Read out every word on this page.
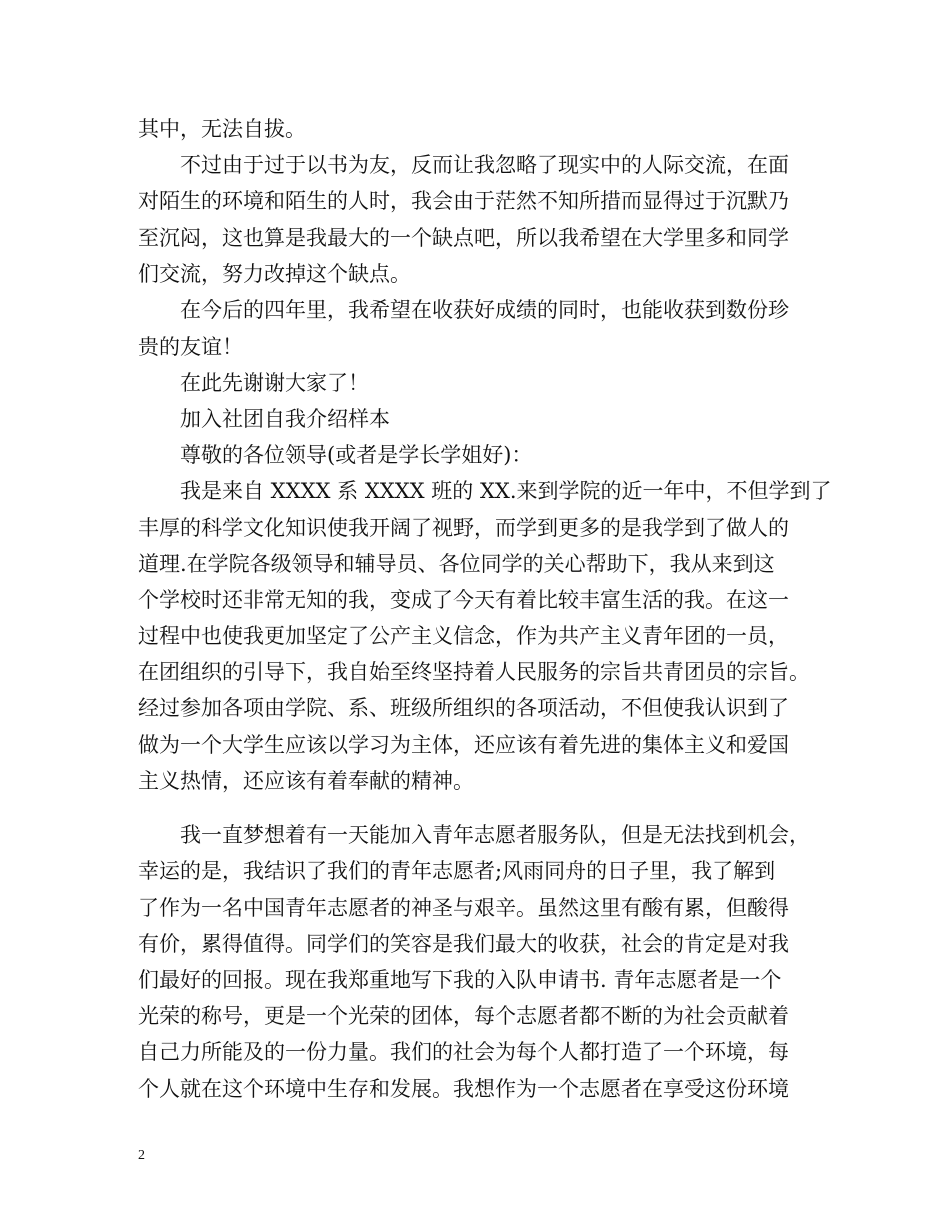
其中，无法自拔。
不过由于过于以书为友，反而让我忽略了现实中的人际交流，在面
对陌生的环境和陌生的人时，我会由于茫然不知所措而显得过于沉默乃
至沉闷，这也算是我最大的一个缺点吧，所以我希望在大学里多和同学
们交流，努力改掉这个缺点。
在今后的四年里，我希望在收获好成绩的同时，也能收获到数份珍
贵的友谊！
在此先谢谢大家了！
加入社团自我介绍样本
尊敬的各位领导(或者是学长学姐好)：
我是来自 XXXX 系 XXXX 班的 XX.来到学院的近一年中，不但学到了
丰厚的科学文化知识使我开阔了视野，而学到更多的是我学到了做人的
道理.在学院各级领导和辅导员、各位同学的关心帮助下，我从来到这
个学校时还非常无知的我，变成了今天有着比较丰富生活的我。在这一
过程中也使我更加坚定了公产主义信念，作为共产主义青年团的一员，
在团组织的引导下，我自始至终坚持着人民服务的宗旨共青团员的宗旨。
经过参加各项由学院、系、班级所组织的各项活动，不但使我认识到了
做为一个大学生应该以学习为主体，还应该有着先进的集体主义和爱国
主义热情，还应该有着奉献的精神。
我一直梦想着有一天能加入青年志愿者服务队，但是无法找到机会，
幸运的是，我结识了我们的青年志愿者;风雨同舟的日子里，我了解到
了作为一名中国青年志愿者的神圣与艰辛。虽然这里有酸有累，但酸得
有价，累得值得。同学们的笑容是我们最大的收获，社会的肯定是对我
们最好的回报。现在我郑重地写下我的入队申请书. 青年志愿者是一个
光荣的称号，更是一个光荣的团体，每个志愿者都不断的为社会贡献着
自己力所能及的一份力量。我们的社会为每个人都打造了一个环境，每
个人就在这个环境中生存和发展。我想作为一个志愿者在享受这份环境
2
